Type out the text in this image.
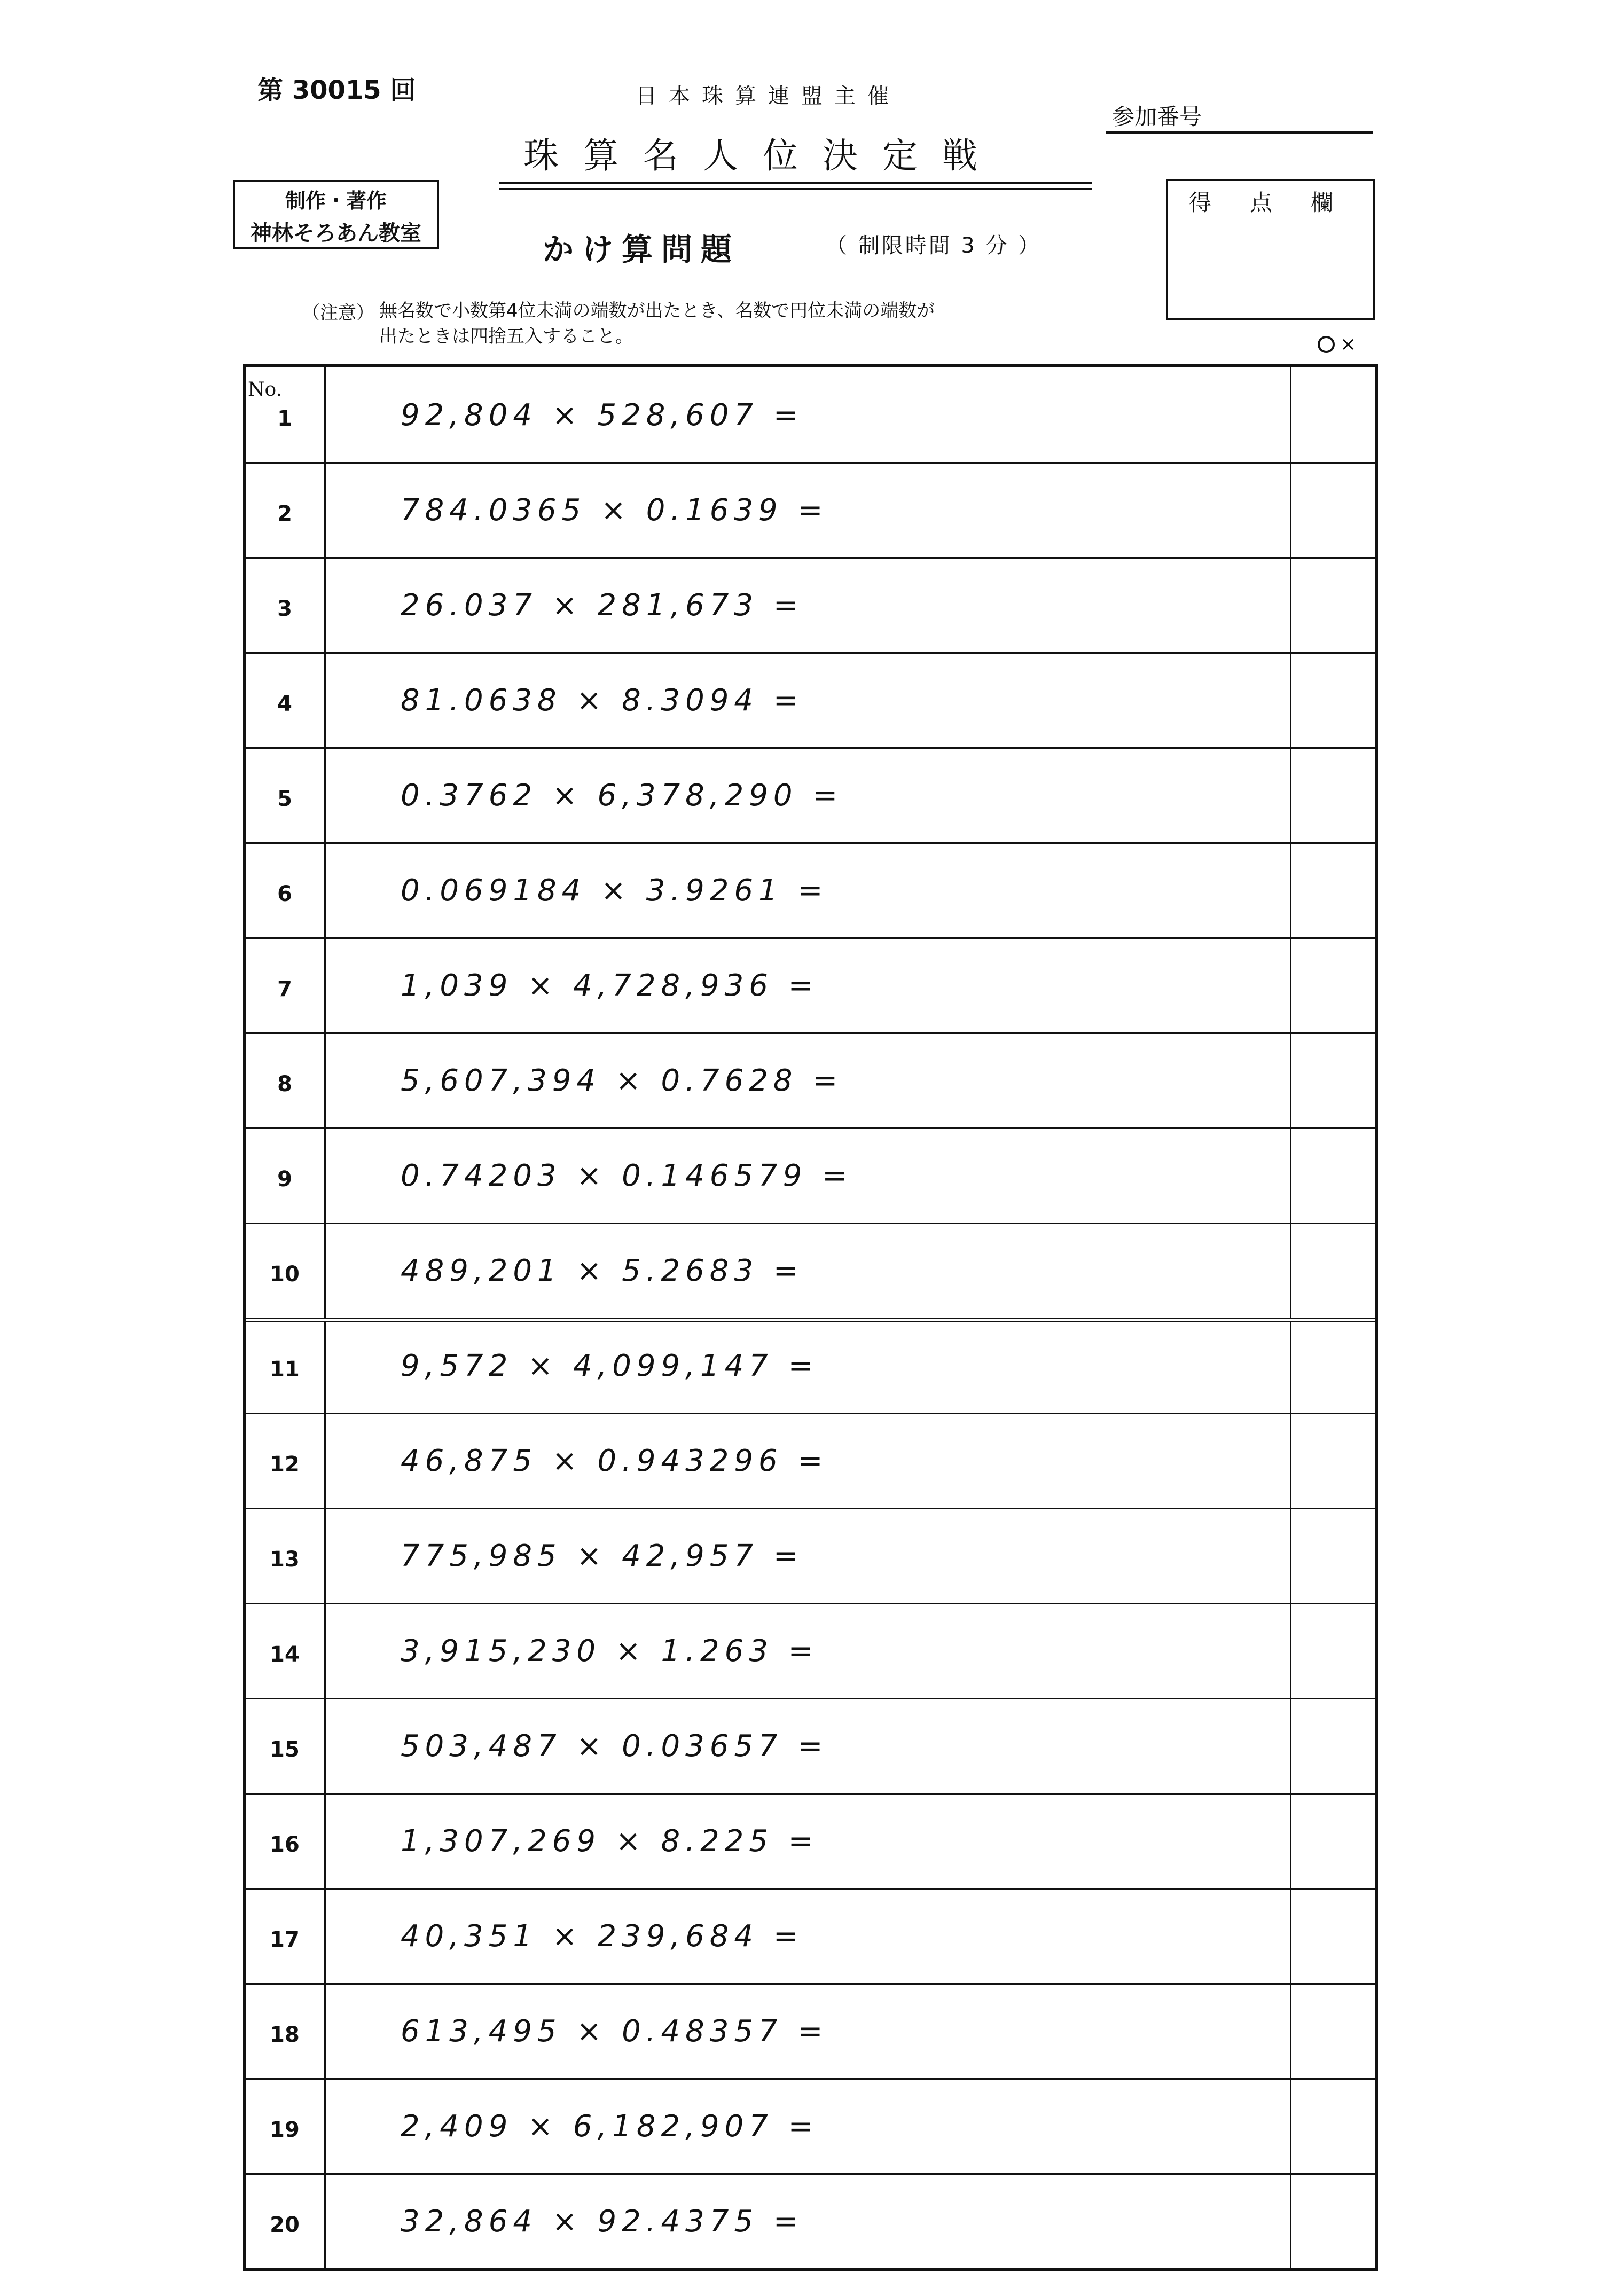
第 30015 回	日本珠算連盟主催
珠算名人位決定戦
参加番号
制作・著作
神林そろあん教室	かけ算問題	（ 制限時間 3 分 ）
得点欄
（注意） 無名数で小数第4位未満の端数が出たとき、名数で円位未満の端数が
出たときは四捨五入すること。	×
No.
1	92,804 × 528,607 =
2	784.0365 × 0.1639 =
3	26.037 × 281,673 =
4	81.0638 × 8.3094 =
5	0.3762 × 6,378,290 =
6	0.069184 × 3.9261 =
7	1,039 × 4,728,936 =
8	5,607,394 × 0.7628 =
9	0.74203 × 0.146579 =
10	489,201 × 5.2683 =
11	9,572 × 4,099,147 =
12	46,875 × 0.943296 =
13	775,985 × 42,957 =
14	3,915,230 × 1.263 =
15	503,487 × 0.03657 =
16	1,307,269 × 8.225 =
17	40,351 × 239,684 =
18	613,495 × 0.48357 =
19	2,409 × 6,182,907 =
20	32,864 × 92.4375 =
